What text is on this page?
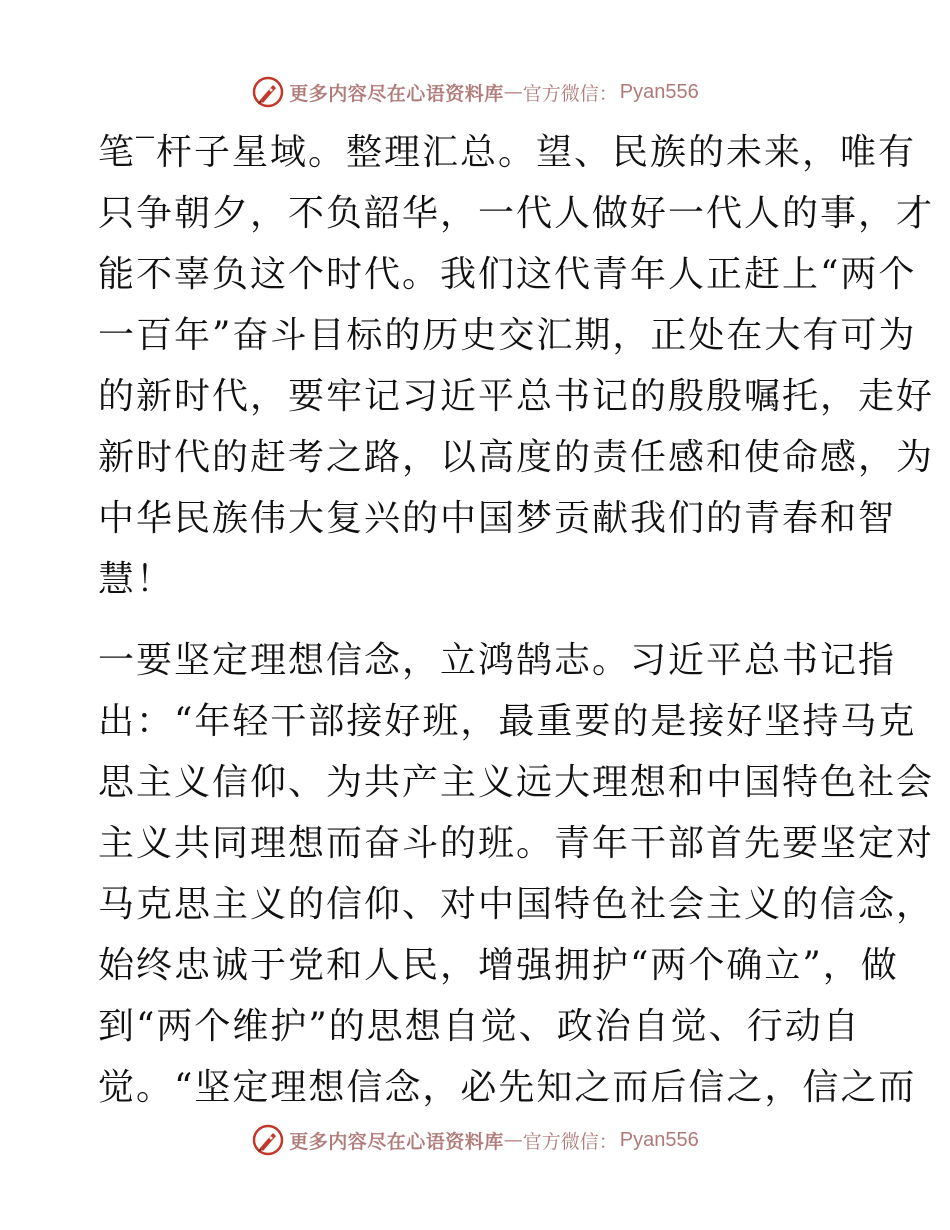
更多内容尽在心语资料库 — 官方微信： Pyan556
笔‾杆子星域。整理汇总。望、民族的未来，唯有
只争朝夕，不负韶华，一代人做好一代人的事，才
能不辜负这个时代。我们这代青年人正赶上“两个
一百年”奋斗目标的历史交汇期，正处在大有可为
的新时代，要牢记习近平总书记的殷殷嘱托，走好
新时代的赶考之路，以高度的责任感和使命感，为
中华民族伟大复兴的中国梦贡献我们的青春和智
慧！
一要坚定理想信念，立鸿鹄志。习近平总书记指
出：“年轻干部接好班，最重要的是接好坚持马克
思主义信仰、为共产主义远大理想和中国特色社会
主义共同理想而奋斗的班。青年干部首先要坚定对
马克思主义的信仰、对中国特色社会主义的信念，
始终忠诚于党和人民，增强拥护“两个确立”，做
到“两个维护”的思想自觉、政治自觉、行动自
觉。“坚定理想信念，必先知之而后信之，信之而
更多内容尽在心语资料库 — 官方微信： Pyan556
